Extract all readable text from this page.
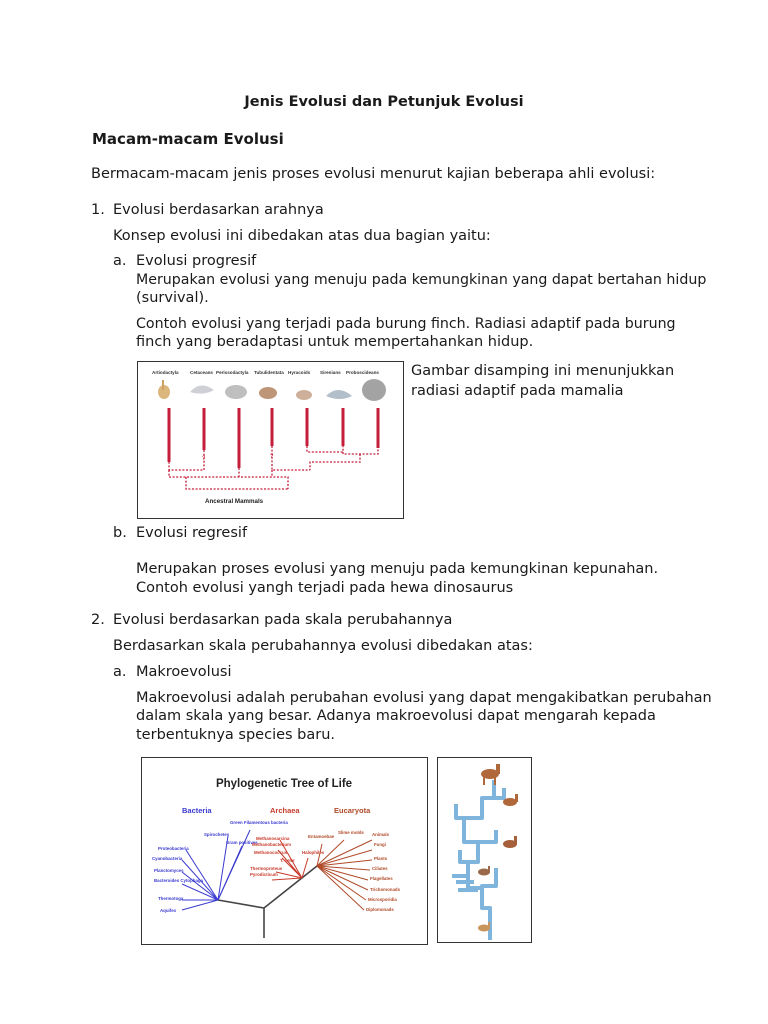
Jenis Evolusi dan Petunjuk Evolusi
Macam-macam Evolusi
Bermacam-macam jenis proses evolusi menurut kajian beberapa ahli evolusi:
1. Evolusi berdasarkan arahnya
Konsep evolusi ini dibedakan atas dua bagian yaitu:
a. Evolusi progresif
Merupakan evolusi yang menuju pada kemungkinan yang dapat bertahan hidup
(survival).
Contoh evolusi yang terjadi pada burung finch. Radiasi adaptif pada burung
finch yang beradaptasi untuk mempertahankan hidup.
Artiodactyla Cetaceans Perissodactyla Tubulidentata Hyracoids Sirenians Proboscideans
?	?
Ancestral Mammals
Gambar disamping ini menunjukkan
radiasi adaptif pada mamalia
b. Evolusi regresif
Merupakan proses evolusi yang menuju pada kemungkinan kepunahan.
Contoh evolusi yangh terjadi pada hewa dinosaurus
2. Evolusi berdasarkan pada skala perubahannya
Berdasarkan skala perubahannya evolusi dibedakan atas:
a. Makroevolusi
Makroevolusi adalah perubahan evolusi yang dapat mengakibatkan perubahan
dalam skala yang besar. Adanya makroevolusi dapat mengarah kepada
terbentuknya species baru.
Phylogenetic Tree of Life
Bacteria	Archaea	Eucaryota
Green Filamentous bacteria
Spirochetes
Gram positives
Proteobacteria
Cyanobacteria
Planctomyces
Bacteroides Cytophaga
Thermotoga
Aquifex
Methanosarcina
Methanobacterium
Methanococcus
T. celer
Thermoproteus
Pyrodicticum
Halophiles
Entamoebae
Slime molds Animals
Fungi
Plants
Ciliates
Flagellates
Trichomonads
Microsporidia
Diplomonads
